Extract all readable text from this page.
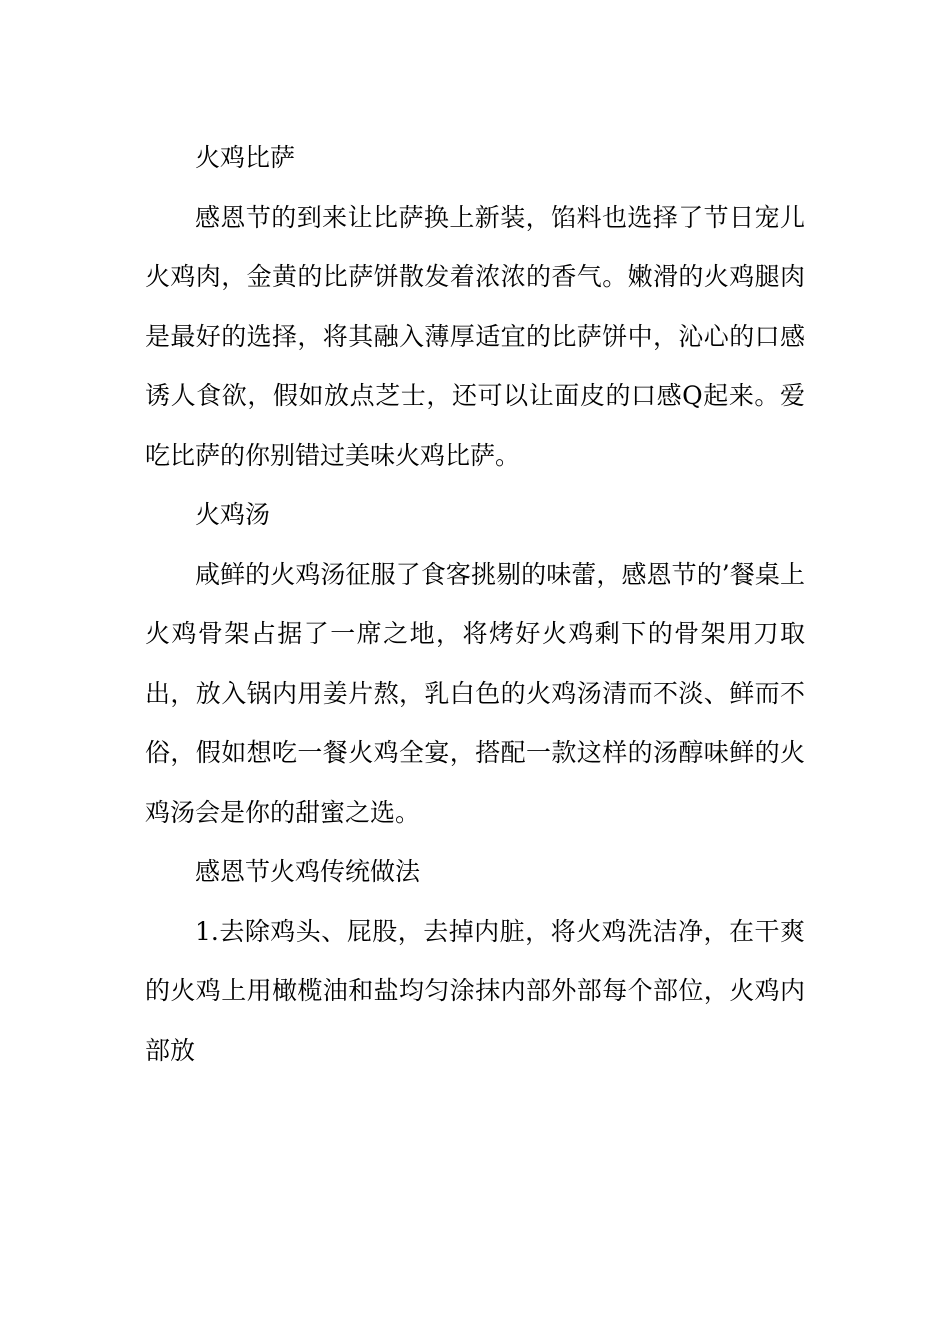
火鸡比萨

感恩节的到来让比萨换上新装，馅料也选择了节日宠儿火鸡肉，金黄的比萨饼散发着浓浓的香气。嫩滑的火鸡腿肉是最好的选择，将其融入薄厚适宜的比萨饼中，沁心的口感诱人食欲，假如放点芝士，还可以让面皮的口感Q起来。爱吃比萨的你别错过美味火鸡比萨。

火鸡汤

咸鲜的火鸡汤征服了食客挑剔的味蕾，感恩节的’餐桌上火鸡骨架占据了一席之地，将烤好火鸡剩下的骨架用刀取出，放入锅内用姜片熬，乳白色的火鸡汤清而不淡、鲜而不俗，假如想吃一餐火鸡全宴，搭配一款这样的汤醇味鲜的火鸡汤会是你的甜蜜之选。

感恩节火鸡传统做法

1.去除鸡头、屁股，去掉内脏，将火鸡洗洁净，在干爽的火鸡上用橄榄油和盐均匀涂抹内部外部每个部位，火鸡内部放
